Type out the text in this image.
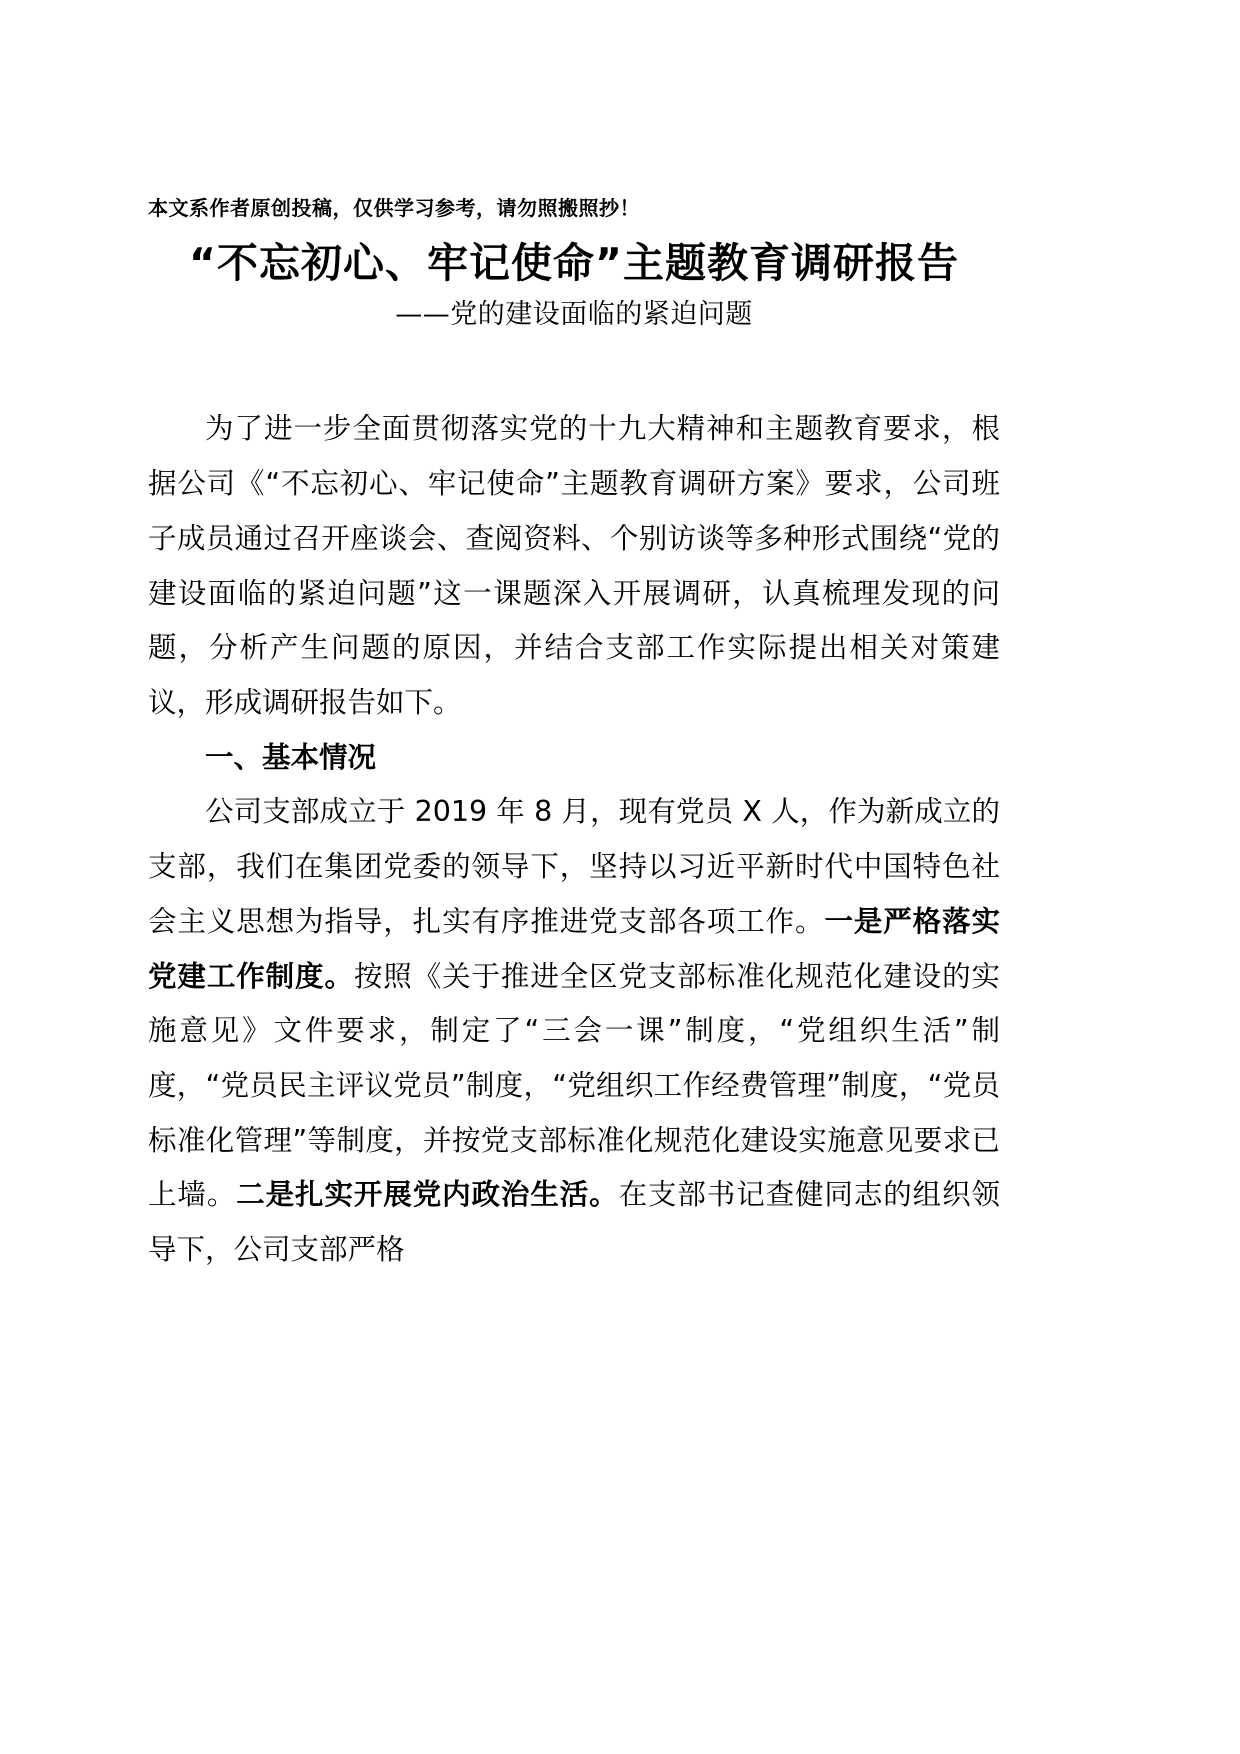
本文系作者原创投稿，仅供学习参考，请勿照搬照抄！
“不忘初心、牢记使命”主题教育调研报告
——党的建设面临的紧迫问题

为了进一步全面贯彻落实党的十九大精神和主题教育要求，根据公司《“不忘初心、牢记使命”主题教育调研方案》要求，公司班子成员通过召开座谈会、查阅资料、个别访谈等多种形式围绕“党的建设面临的紧迫问题”这一课题深入开展调研，认真梳理发现的问题，分析产生问题的原因，并结合支部工作实际提出相关对策建议，形成调研报告如下。

一、基本情况

公司支部成立于 2019 年 8 月，现有党员 X 人，作为新成立的支部，我们在集团党委的领导下，坚持以习近平新时代中国特色社会主义思想为指导，扎实有序推进党支部各项工作。一是严格落实党建工作制度。按照《关于推进全区党支部标准化规范化建设的实施意见》文件要求，制定了“三会一课”制度，“党组织生活”制度，“党员民主评议党员”制度，“党组织工作经费管理”制度，“党员标准化管理”等制度，并按党支部标准化规范化建设实施意见要求已上墙。二是扎实开展党内政治生活。在支部书记查健同志的组织领导下，公司支部严格
